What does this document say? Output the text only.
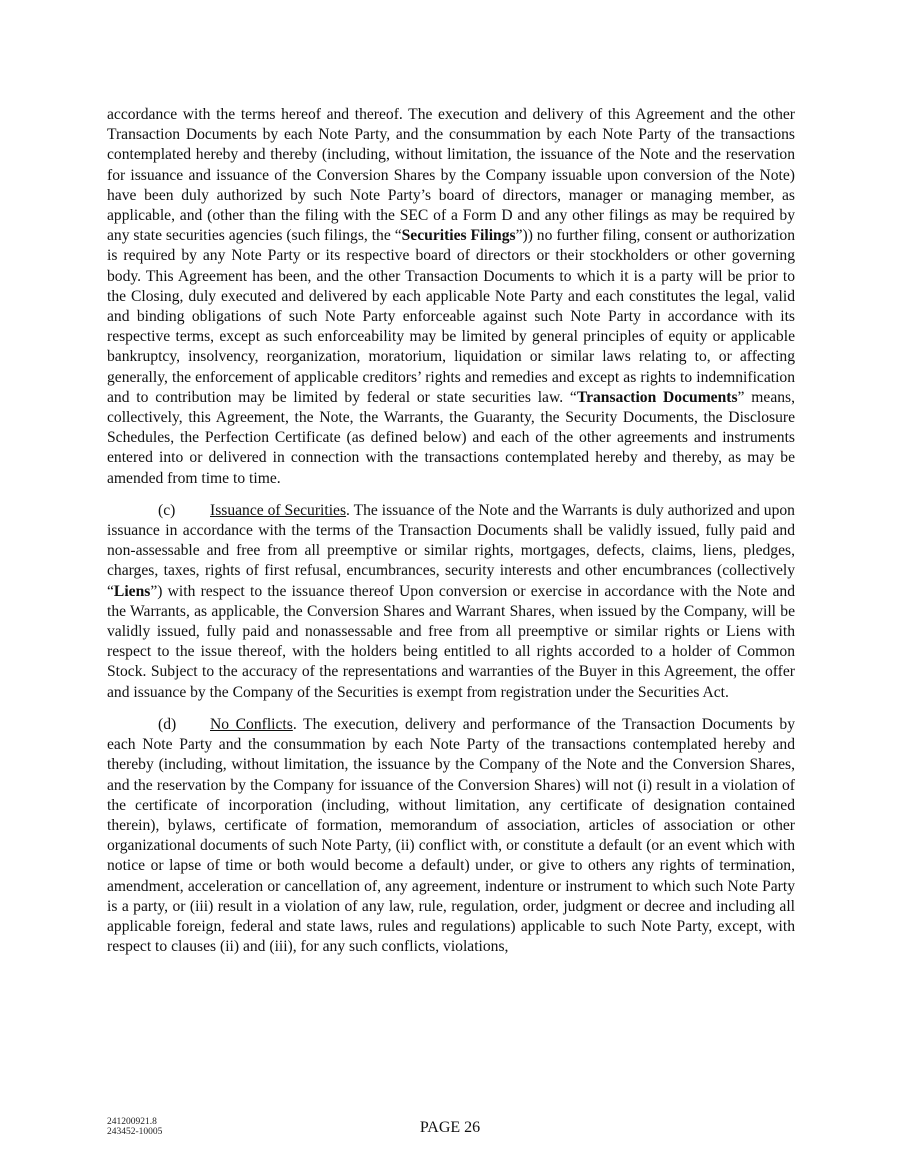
accordance with the terms hereof and thereof. The execution and delivery of this Agreement and the other Transaction Documents by each Note Party, and the consummation by each Note Party of the transactions contemplated hereby and thereby (including, without limitation, the issuance of the Note and the reservation for issuance and issuance of the Conversion Shares by the Company issuable upon conversion of the Note) have been duly authorized by such Note Party’s board of directors, manager or managing member, as applicable, and (other than the filing with the SEC of a Form D and any other filings as may be required by any state securities agencies (such filings, the “Securities Filings”)) no further filing, consent or authorization is required by any Note Party or its respective board of directors or their stockholders or other governing body. This Agreement has been, and the other Transaction Documents to which it is a party will be prior to the Closing, duly executed and delivered by each applicable Note Party and each constitutes the legal, valid and binding obligations of such Note Party enforceable against such Note Party in accordance with its respective terms, except as such enforceability may be limited by general principles of equity or applicable bankruptcy, insolvency, reorganization, moratorium, liquidation or similar laws relating to, or affecting generally, the enforcement of applicable creditors’ rights and remedies and except as rights to indemnification and to contribution may be limited by federal or state securities law. “Transaction Documents” means, collectively, this Agreement, the Note, the Warrants, the Guaranty, the Security Documents, the Disclosure Schedules, the Perfection Certificate (as defined below) and each of the other agreements and instruments entered into or delivered in connection with the transactions contemplated hereby and thereby, as may be amended from time to time.

(c) Issuance of Securities. The issuance of the Note and the Warrants is duly authorized and upon issuance in accordance with the terms of the Transaction Documents shall be validly issued, fully paid and non-assessable and free from all preemptive or similar rights, mortgages, defects, claims, liens, pledges, charges, taxes, rights of first refusal, encumbrances, security interests and other encumbrances (collectively “Liens”) with respect to the issuance thereof Upon conversion or exercise in accordance with the Note and the Warrants, as applicable, the Conversion Shares and Warrant Shares, when issued by the Company, will be validly issued, fully paid and nonassessable and free from all preemptive or similar rights or Liens with respect to the issue thereof, with the holders being entitled to all rights accorded to a holder of Common Stock. Subject to the accuracy of the representations and warranties of the Buyer in this Agreement, the offer and issuance by the Company of the Securities is exempt from registration under the Securities Act.

(d) No Conflicts. The execution, delivery and performance of the Transaction Documents by each Note Party and the consummation by each Note Party of the transactions contemplated hereby and thereby (including, without limitation, the issuance by the Company of the Note and the Conversion Shares, and the reservation by the Company for issuance of the Conversion Shares) will not (i) result in a violation of the certificate of incorporation (including, without limitation, any certificate of designation contained therein), bylaws, certificate of formation, memorandum of association, articles of association or other organizational documents of such Note Party, (ii) conflict with, or constitute a default (or an event which with notice or lapse of time or both would become a default) under, or give to others any rights of termination, amendment, acceleration or cancellation of, any agreement, indenture or instrument to which such Note Party is a party, or (iii) result in a violation of any law, rule, regulation, order, judgment or decree and including all applicable foreign, federal and state laws, rules and regulations) applicable to such Note Party, except, with respect to clauses (ii) and (iii), for any such conflicts, violations,

241200921.8
243452-10005	PAGE 26
